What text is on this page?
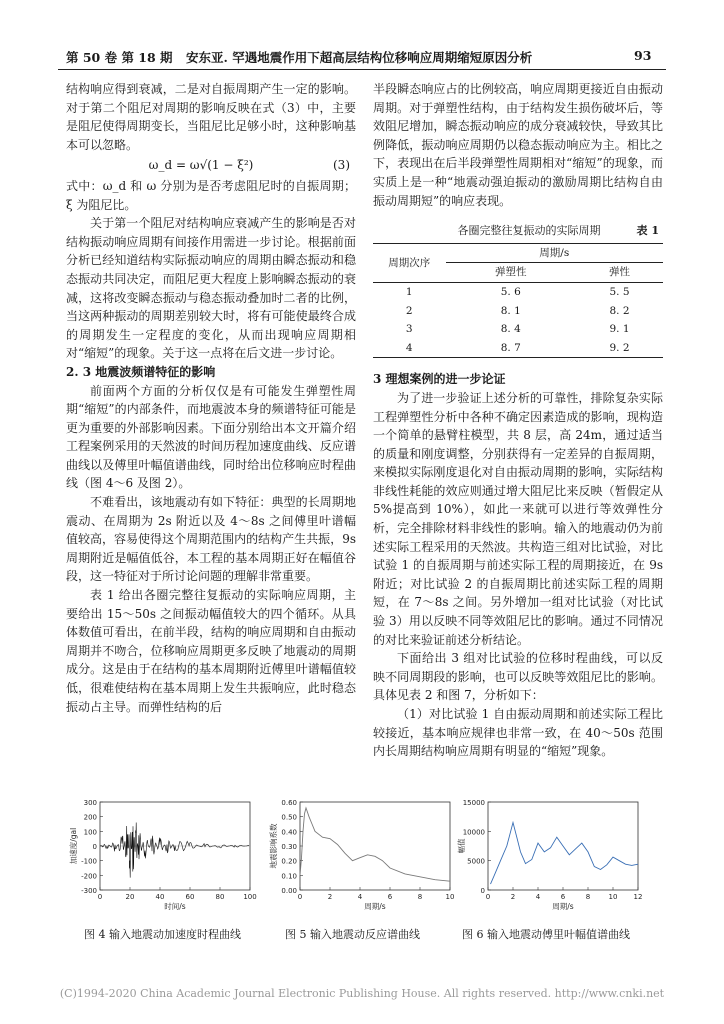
第 50 卷 第 18 期 安东亚. 罕遇地震作用下超高层结构位移响应周期缩短原因分析	93

结构响应得到衰减，二是对自振周期产生一定的影响。对于第二个阻尼对周期的影响反映在式（3）中，主要是阻尼使得周期变长，当阻尼比足够小时，这种影响基本可以忽略。

ω_d = ω√(1 − ξ²)	(3)

式中：ω_d 和 ω 分别为是否考虑阻尼时的自振周期；ξ 为阻尼比。

关于第一个阻尼对结构响应衰减产生的影响是否对结构振动响应周期有间接作用需进一步讨论。根据前面分析已经知道结构实际振动响应的周期由瞬态振动和稳态振动共同决定，而阻尼更大程度上影响瞬态振动的衰减，这将改变瞬态振动与稳态振动叠加时二者的比例，当这两种振动的周期差别较大时，将有可能使最终合成的周期发生一定程度的变化，从而出现响应周期相对“缩短”的现象。关于这一点将在后文进一步讨论。

2. 3 地震波频谱特征的影响

前面两个方面的分析仅仅是有可能发生弹塑性周期“缩短”的内部条件，而地震波本身的频谱特征可能是更为重要的外部影响因素。下面分别给出本文开篇介绍工程案例采用的天然波的时间历程加速度曲线、反应谱曲线以及傅里叶幅值谱曲线，同时给出位移响应时程曲线（图 4～6 及图 2）。

不难看出，该地震动有如下特征：典型的长周期地震动、在周期为 2s 附近以及 4～8s 之间傅里叶谱幅值较高，容易使得这个周期范围内的结构产生共振，9s 周期附近是幅值低谷，本工程的基本周期正好在幅值谷段，这一特征对于所讨论问题的理解非常重要。

表 1 给出各圈完整往复振动的实际响应周期，主要给出 15～50s 之间振动幅值较大的四个循环。从具体数值可看出，在前半段，结构的响应周期和自由振动周期并不吻合，位移响应周期更多反映了地震动的周期成分。这是由于在结构的基本周期附近傅里叶谱幅值较低，很难使结构在基本周期上发生共振响应，此时稳态振动占主导。而弹性结构的后

半段瞬态响应占的比例较高，响应周期更接近自由振动周期。对于弹塑性结构，由于结构发生损伤破坏后，等效阻尼增加，瞬态振动响应的成分衰减较快，导致其比例降低，振动响应周期仍以稳态振动响应为主。相比之下，表现出在后半段弹塑性周期相对“缩短”的现象，而实质上是一种“地震动强迫振动的激励周期比结构自由振动周期短”的响应表现。

各圈完整往复振动的实际周期	表 1

周期次序	周期/s	
	弹塑性	弹性
1	5. 6	5. 5
2	8. 1	8. 2
3	8. 4	9. 1
4	8. 7	9. 2

3 理想案例的进一步论证

为了进一步验证上述分析的可靠性，排除复杂实际工程弹塑性分析中各种不确定因素造成的影响，现构造一个简单的悬臂柱模型，共 8 层，高 24m，通过适当的质量和刚度调整，分别获得有一定差异的自振周期，来模拟实际刚度退化对自由振动周期的影响，实际结构非线性耗能的效应则通过增大阻尼比来反映（暂假定从 5%提高到 10%），如此一来就可以进行等效弹性分析，完全排除材料非线性的影响。输入的地震动仍为前述实际工程采用的天然波。共构造三组对比试验，对比试验 1 的自振周期与前述实际工程的周期接近，在 9s 附近；对比试验 2 的自振周期比前述实际工程的周期短，在 7～8s 之间。另外增加一组对比试验（对比试验 3）用以反映不同等效阻尼比的影响。通过不同情况的对比来验证前述分析结论。

下面给出 3 组对比试验的位移时程曲线，可以反映不同周期段的影响，也可以反映等效阻尼比的影响。具体见表 2 和图 7，分析如下：

（1）对比试验 1 自由振动周期和前述实际工程比较接近，基本响应规律也非常一致，在 40～50s 范围内长周期结构响应周期有明显的“缩短”现象。

300
200
100
0
-100
-200
-300
0	20	40	60	80	100
时间/s
加速度/gal
0.60
0.50
0.40
0.30
0.20
0.10
0.00
0	2	4	6	8	10
周期/s
地震影响系数
15000
10000
5000
0
0	2	4	6	8	10 12
周期/s
幅值
图 4 输入地震动加速度时程曲线	图 5 输入地震动反应谱曲线	图 6 输入地震动傅里叶幅值谱曲线
(C)1994-2020 China Academic Journal Electronic Publishing House. All rights reserved. http://www.cnki.net
